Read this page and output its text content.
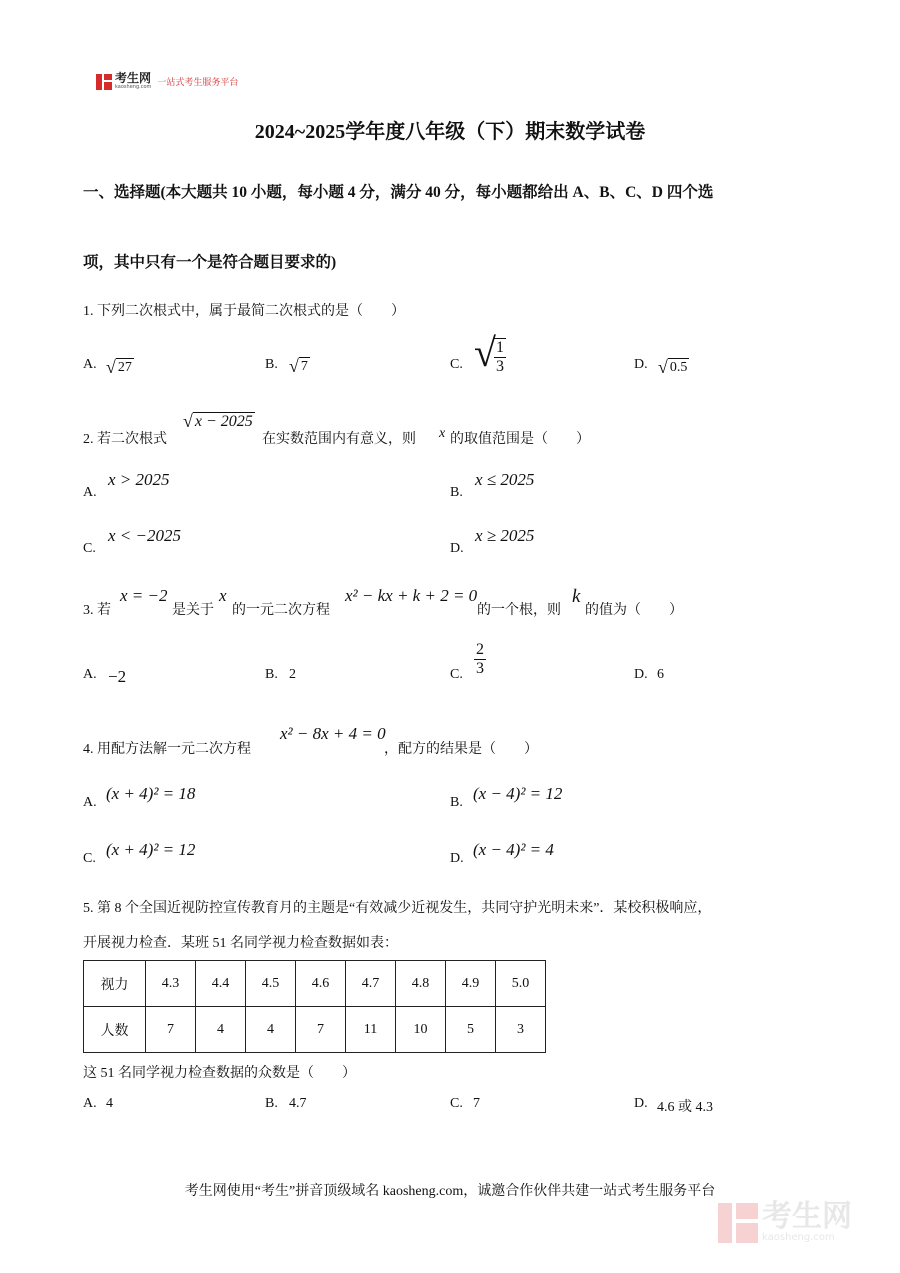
考生网
kaosheng.com 一站式考生服务平台
2024~2025学年度八年级（下）期末数学试卷
一、选择题(本大题共 10 小题，每小题 4 分，满分 40 分，每小题都给出 A、B、C、D 四个选
项，其中只有一个是符合题目要求的)
1. 下列二次根式中，属于最简二次根式的是（　　）
A. √ 27	B. √ 7	C. √
$\frac{1}{3}$	D. √ 0.5
2. 若二次根式
√ x − 2025
在实数范围内有意义，则 x 的取值范围是（　　）
A.
x > 2025
B.
x ≤ 2025
C.
x < −2025
D.
x ≥ 2025
3. 若
x = −2
是关于
x
的一元二次方程
x² − kx + k + 2 = 0
的一个根，则
k
的值为（　　）
A. −2	B. 2	C. $\frac{2}{3}$	D. 6
4. 用配方法解一元二次方程
x² − 8x + 4 = 0
，配方的结果是（　　）
A. (x + 4)² = 18	B. (x − 4)² = 12
C. (x + 4)² = 12	D. (x − 4)² = 4
5. 第 8 个全国近视防控宣传教育月的主题是“有效减少近视发生，共同守护光明未来”．某校积极响应，
开展视力检查．某班 51 名同学视力检查数据如表：
视力	4.3	4.4	4.5	4.6	4.7	4.8	4.9	5.0
人数	7	4	4	7	11	10	5	3
这 51 名同学视力检查数据的众数是（　　）
A. 4	B. 4.7	C. 7	D. 4.6 或 4.3
考生网使用“考生”拼音顶级域名 kaosheng.com，诚邀合作伙伴共建一站式考生服务平台
考生网
kaosheng.com
